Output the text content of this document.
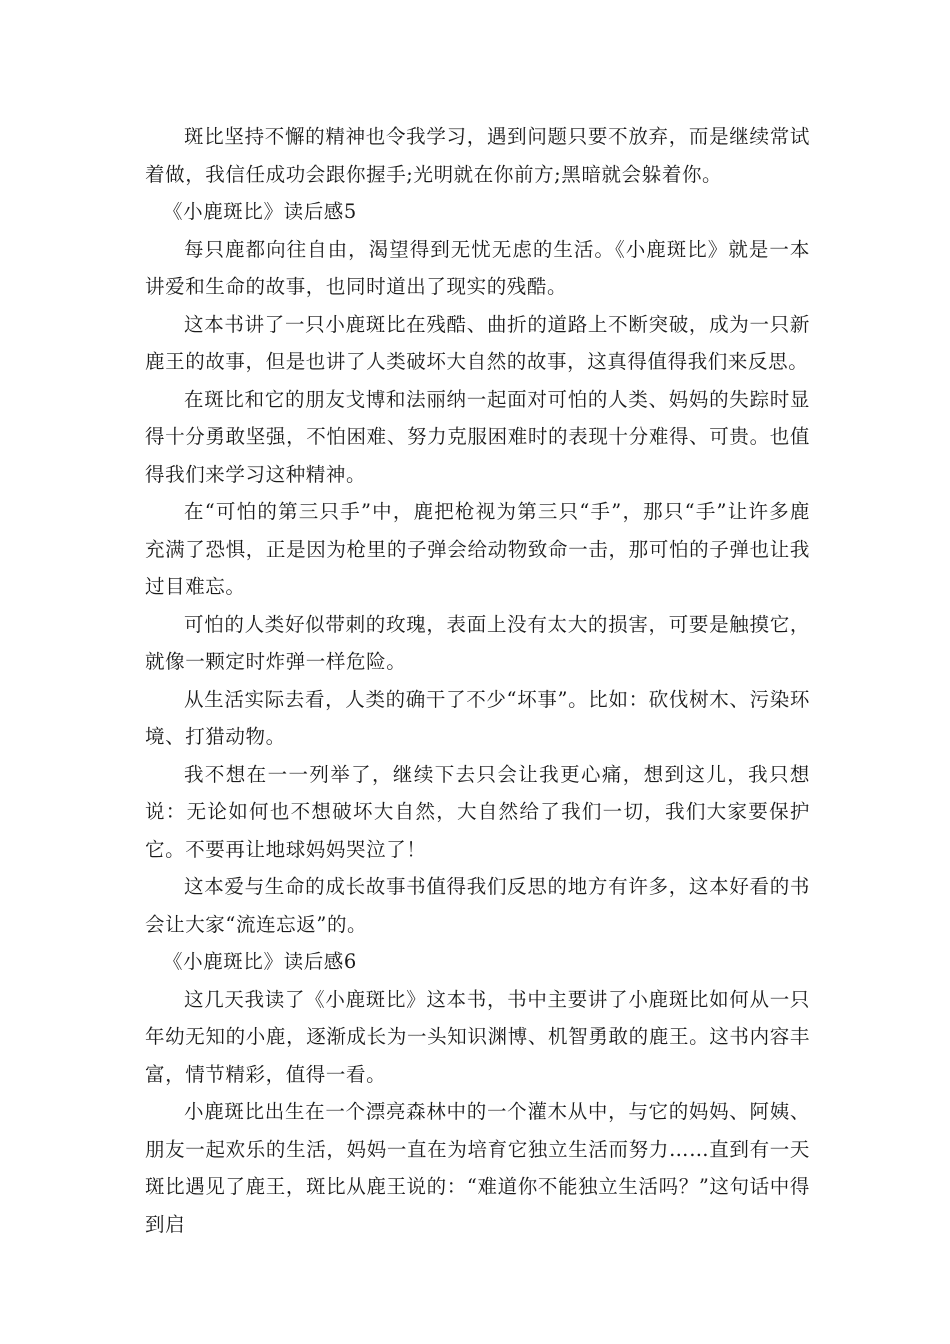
斑比坚持不懈的精神也令我学习，遇到问题只要不放弃，而是继续常试着做，我信任成功会跟你握手;光明就在你前方;黑暗就会躲着你。

《小鹿斑比》读后感5

每只鹿都向往自由，渴望得到无忧无虑的生活。《小鹿斑比》就是一本讲爱和生命的故事，也同时道出了现实的残酷。

这本书讲了一只小鹿斑比在残酷、曲折的道路上不断突破，成为一只新鹿王的故事，但是也讲了人类破坏大自然的故事，这真得值得我们来反思。

在斑比和它的朋友戈博和法丽纳一起面对可怕的人类、妈妈的失踪时显得十分勇敢坚强，不怕困难、努力克服困难时的表现十分难得、可贵。也值得我们来学习这种精神。

在“可怕的第三只手”中，鹿把枪视为第三只“手”，那只“手”让许多鹿充满了恐惧，正是因为枪里的子弹会给动物致命一击，那可怕的子弹也让我过目难忘。

可怕的人类好似带刺的玫瑰，表面上没有太大的损害，可要是触摸它，就像一颗定时炸弹一样危险。

从生活实际去看，人类的确干了不少“坏事”。比如：砍伐树木、污染环境、打猎动物。

我不想在一一列举了，继续下去只会让我更心痛，想到这儿，我只想说：无论如何也不想破坏大自然，大自然给了我们一切，我们大家要保护它。不要再让地球妈妈哭泣了！

这本爱与生命的成长故事书值得我们反思的地方有许多，这本好看的书会让大家“流连忘返”的。

《小鹿斑比》读后感6

这几天我读了《小鹿斑比》这本书，书中主要讲了小鹿斑比如何从一只年幼无知的小鹿，逐渐成长为一头知识渊博、机智勇敢的鹿王。这书内容丰富，情节精彩，值得一看。

小鹿斑比出生在一个漂亮森林中的一个灌木从中，与它的妈妈、阿姨、朋友一起欢乐的生活，妈妈一直在为培育它独立生活而努力……直到有一天斑比遇见了鹿王，斑比从鹿王说的：“难道你不能独立生活吗？”这句话中得到启
